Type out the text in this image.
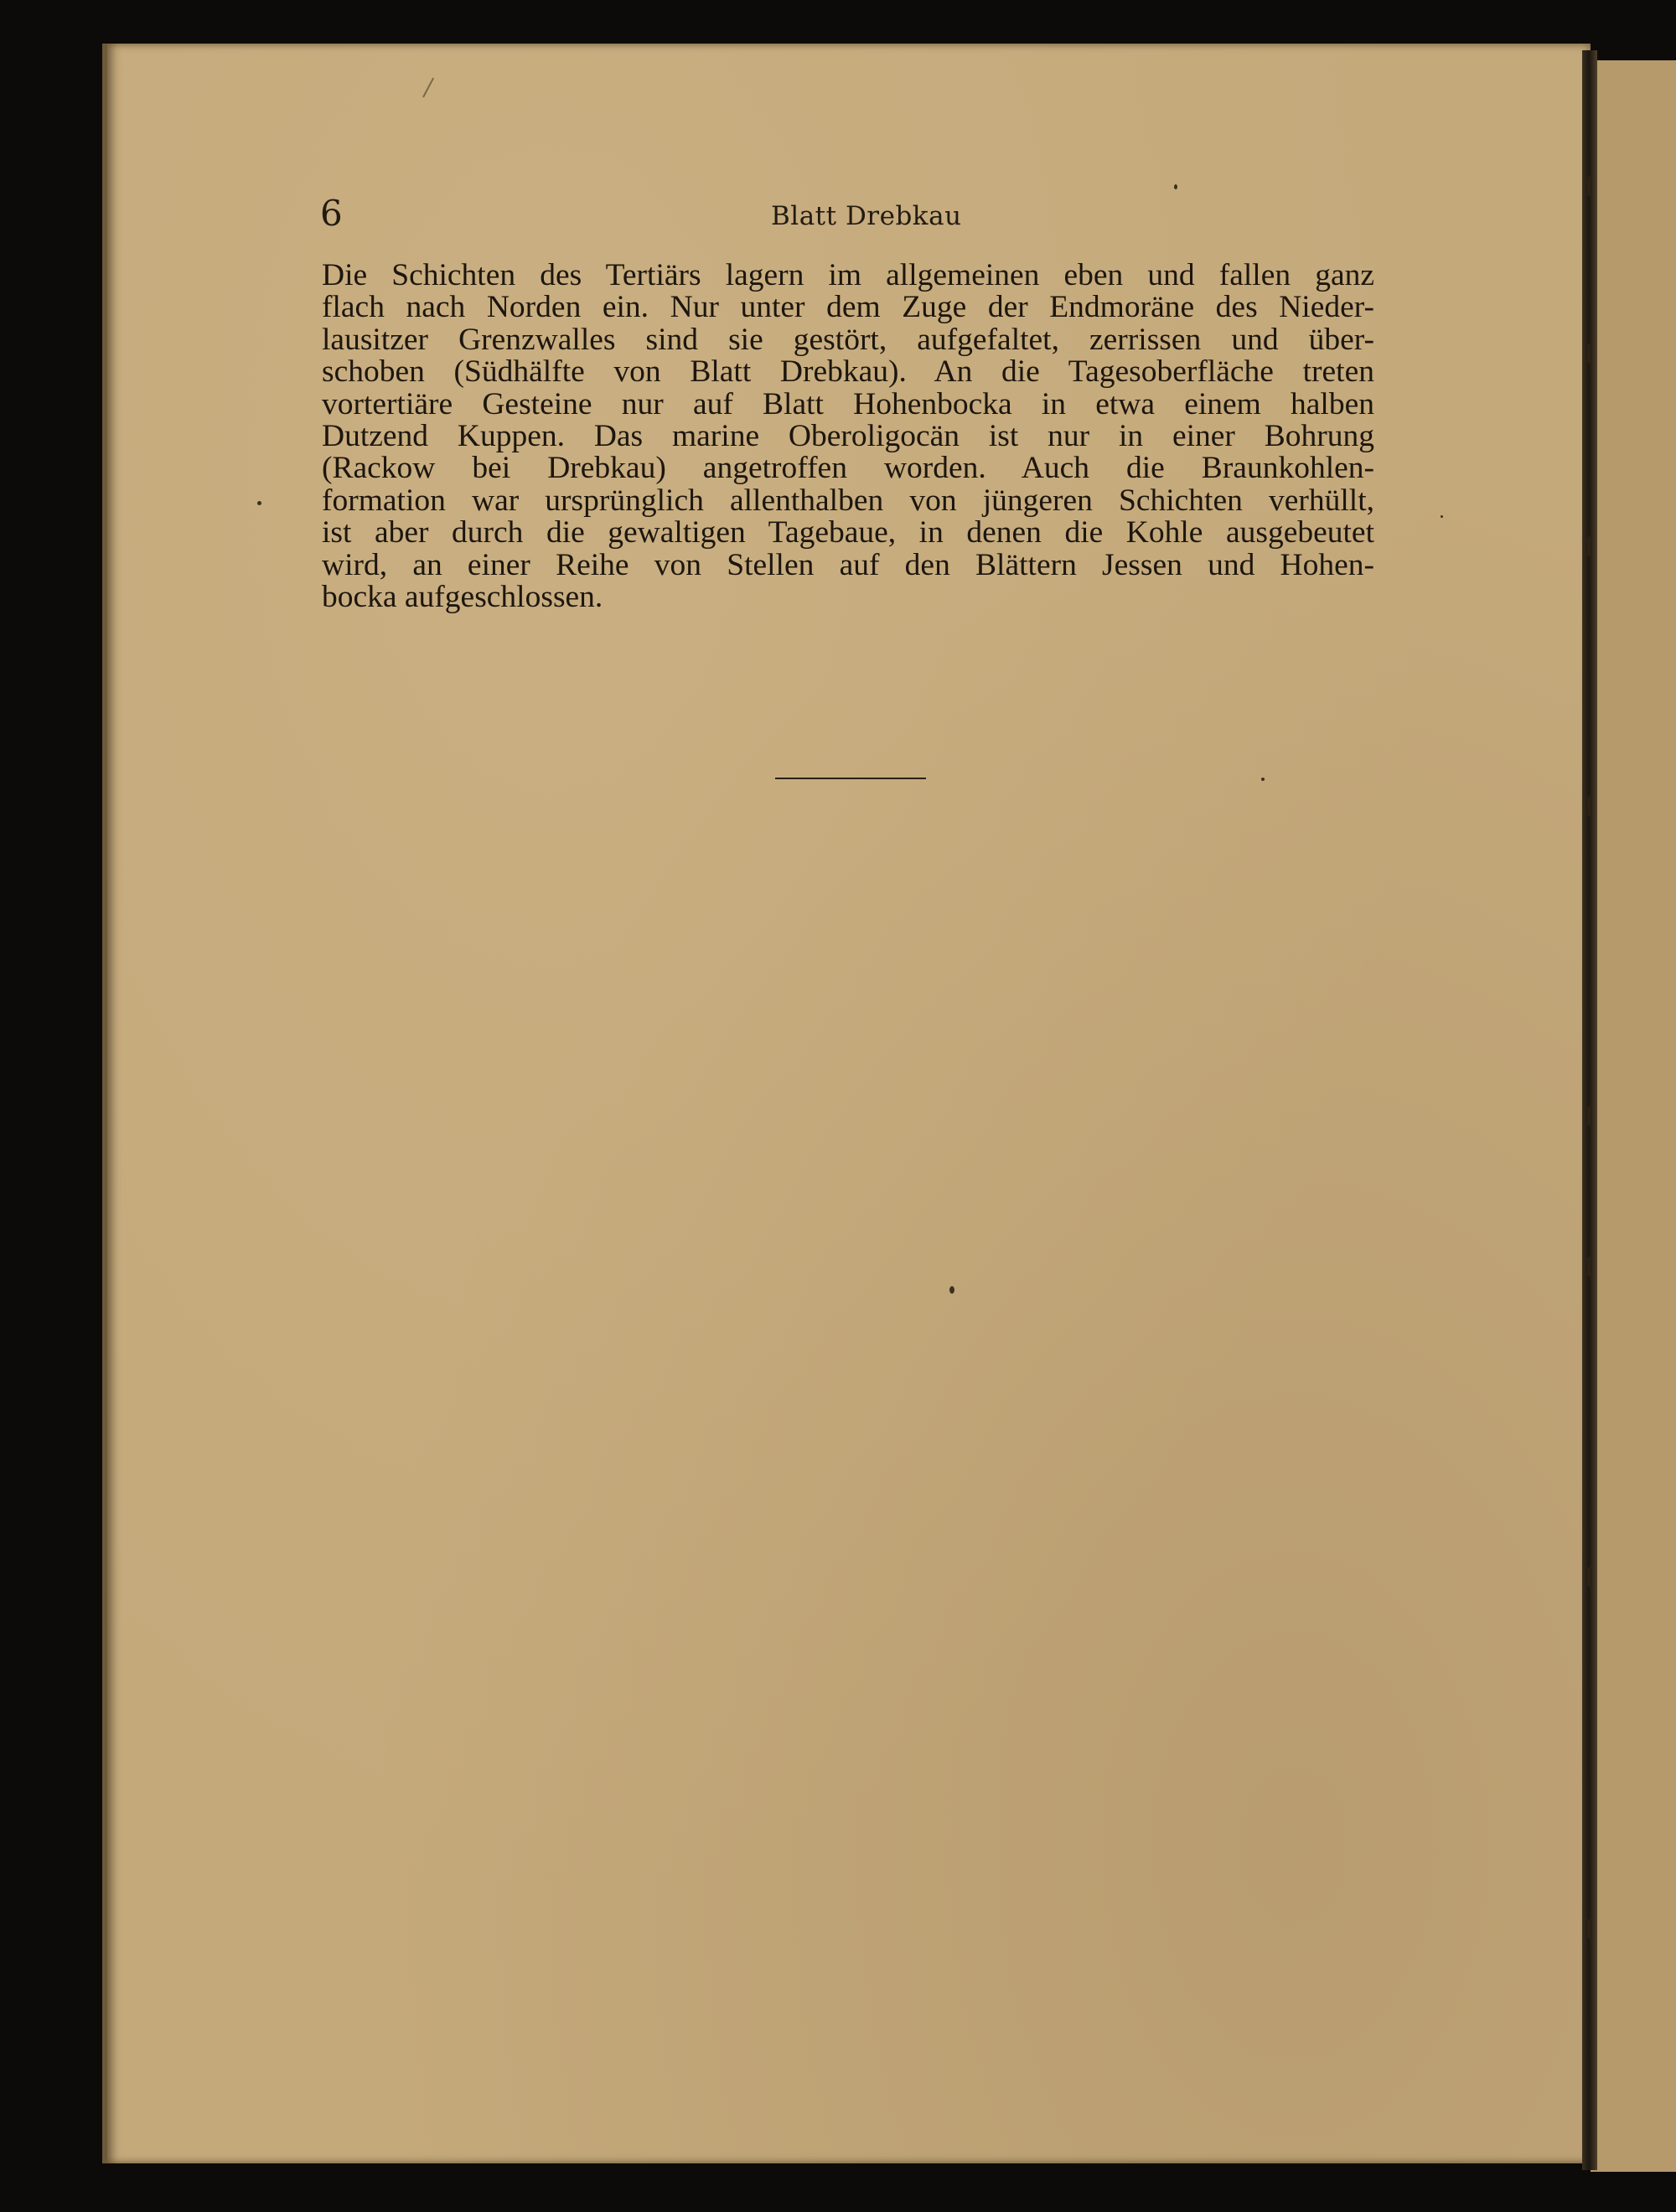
6	Blatt Drebkau
Die Schichten des Tertiärs lagern im allgemeinen eben und fallen ganz
flach nach Norden ein. Nur unter dem Zuge der Endmoräne des Nieder-
lausitzer Grenzwalles sind sie gestört, aufgefaltet, zerrissen und über-
schoben (Südhälfte von Blatt Drebkau). An die Tagesoberfläche treten
vortertiäre Gesteine nur auf Blatt Hohenbocka in etwa einem halben
Dutzend Kuppen. Das marine Oberoligocän ist nur in einer Bohrung
(Rackow bei Drebkau) angetroffen worden. Auch die Braunkohlen-
formation war ursprünglich allenthalben von jüngeren Schichten verhüllt,
ist aber durch die gewaltigen Tagebaue, in denen die Kohle ausgebeutet
wird, an einer Reihe von Stellen auf den Blättern Jessen und Hohen-
bocka aufgeschlossen.
